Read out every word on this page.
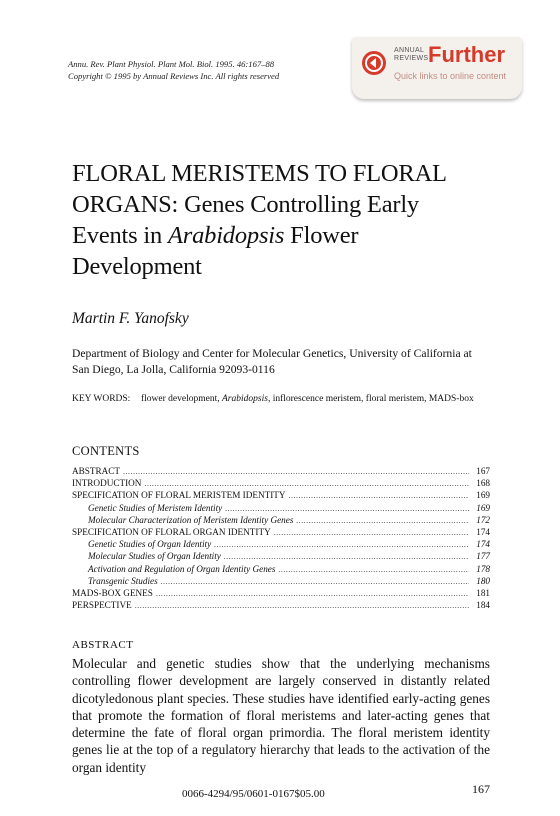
Annu. Rev. Plant Physiol. Plant Mol. Biol. 1995. 46:167–88
Copyright © 1995 by Annual Reviews Inc. All rights reserved
ANNUAL
REVIEWS Further
Quick links to online content
FLORAL MERISTEMS TO FLORAL
ORGANS: Genes Controlling Early
Events in Arabidopsis Flower
Development
Martin F. Yanofsky
Department of Biology and Center for Molecular Genetics, University of California at San Diego, La Jolla, California 92093-0116
KEY WORDS: flower development, Arabidopsis, inflorescence meristem, floral meristem, MADS-box
CONTENTS
ABSTRACT .....	167
INTRODUCTION .....	168
SPECIFICATION OF FLORAL MERISTEM IDENTITY .....	169
Genetic Studies of Meristem Identity .....	169
Molecular Characterization of Meristem Identity Genes .....	172
SPECIFICATION OF FLORAL ORGAN IDENTITY .....	174
Genetic Studies of Organ Identity .....	174
Molecular Studies of Organ Identity .....	177
Activation and Regulation of Organ Identity Genes .....	178
Transgenic Studies .....	180
MADS-BOX GENES .....	181
PERSPECTIVE .....	184
ABSTRACT
Molecular and genetic studies show that the underlying mechanisms controlling flower development are largely conserved in distantly related dicotyledonous plant species. These studies have identified early-acting genes that promote the formation of floral meristems and later-acting genes that determine the fate of floral organ primordia. The floral meristem identity genes lie at the top of a regulatory hierarchy that leads to the activation of the organ identity
0066-4294/95/0601-0167$05.00	167
